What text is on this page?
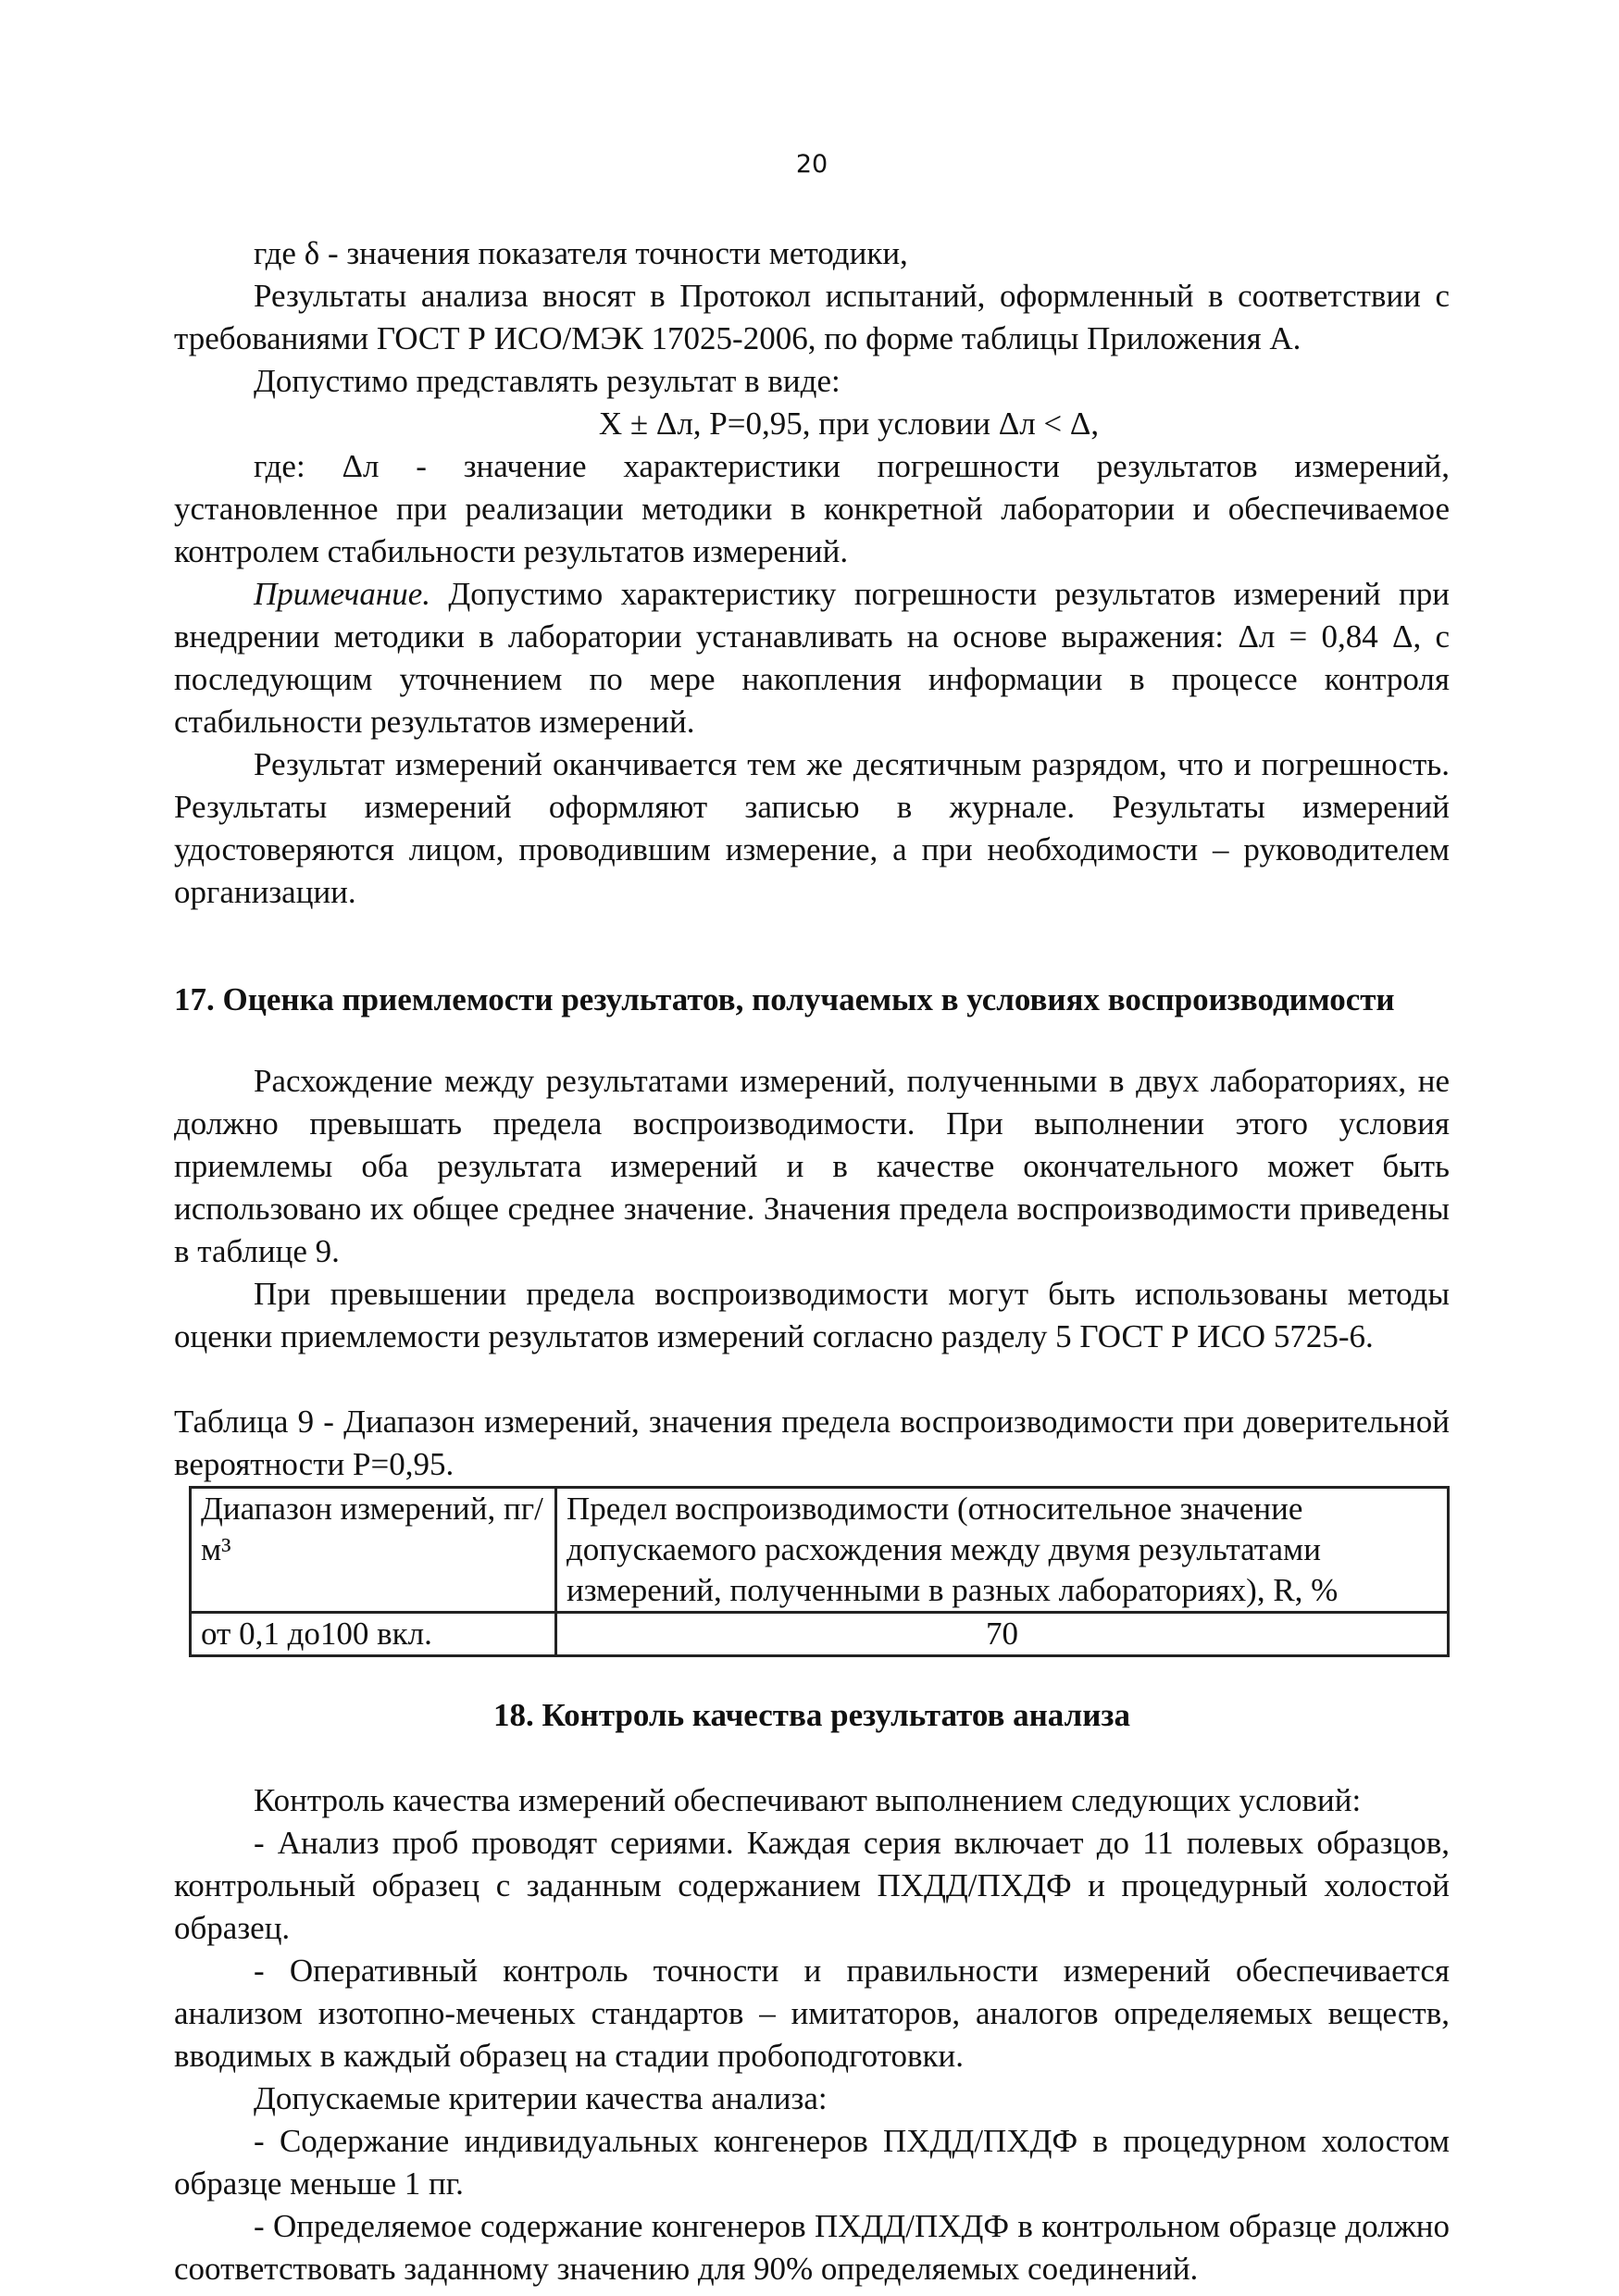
20

где δ - значения показателя точности методики,

Результаты анализа вносят в Протокол испытаний, оформленный в соответствии с требованиями ГОСТ Р ИСО/МЭК 17025-2006, по форме таблицы Приложения А.

Допустимо представлять результат в виде:

X ± Δл, P=0,95, при условии Δл < Δ,

где: Δл - значение характеристики погрешности результатов измерений, установленное при реализации методики в конкретной лаборатории и обеспечиваемое контролем стабильности результатов измерений.

Примечание. Допустимо характеристику погрешности результатов измерений при внедрении методики в лаборатории устанавливать на основе выражения: Δл = 0,84 Δ, с последующим уточнением по мере накопления информации в процессе контроля стабильности результатов измерений.

Результат измерений оканчивается тем же десятичным разрядом, что и погрешность. Результаты измерений оформляют записью в журнале. Результаты измерений удостоверяются лицом, проводившим измерение, а при необходимости – руководителем организации.

17. Оценка приемлемости результатов, получаемых в условиях воспроизводимости

Расхождение между результатами измерений, полученными в двух лабораториях, не должно превышать предела воспроизводимости. При выполнении этого условия приемлемы оба результата измерений и в качестве окончательного может быть использовано их общее среднее значение. Значения предела воспроизводимости приведены в таблице 9.

При превышении предела воспроизводимости могут быть использованы методы оценки приемлемости результатов измерений согласно разделу 5 ГОСТ Р ИСО 5725-6.

Таблица 9 - Диапазон измерений, значения предела воспроизводимости при доверительной вероятности P=0,95.

Диапазон измерений, пг/м³	Предел воспроизводимости (относительное значение допускаемого расхождения между двумя результатами измерений, полученными в разных лабораториях), R, %
от 0,1 до100 вкл.	70
18. Контроль качества результатов анализа

Контроль качества измерений обеспечивают выполнением следующих условий:

- Анализ проб проводят сериями. Каждая серия включает до 11 полевых образцов, контрольный образец с заданным содержанием ПХДД/ПХДФ и процедурный холостой образец.

- Оперативный контроль точности и правильности измерений обеспечивается анализом изотопно-меченых стандартов – имитаторов, аналогов определяемых веществ, вводимых в каждый образец на стадии пробоподготовки.

Допускаемые критерии качества анализа:

- Содержание индивидуальных конгенеров ПХДД/ПХДФ в процедурном холостом образце меньше 1 пг.

- Определяемое содержание конгенеров ПХДД/ПХДФ в контрольном образце должно соответствовать заданному значению для 90% определяемых соединений.
